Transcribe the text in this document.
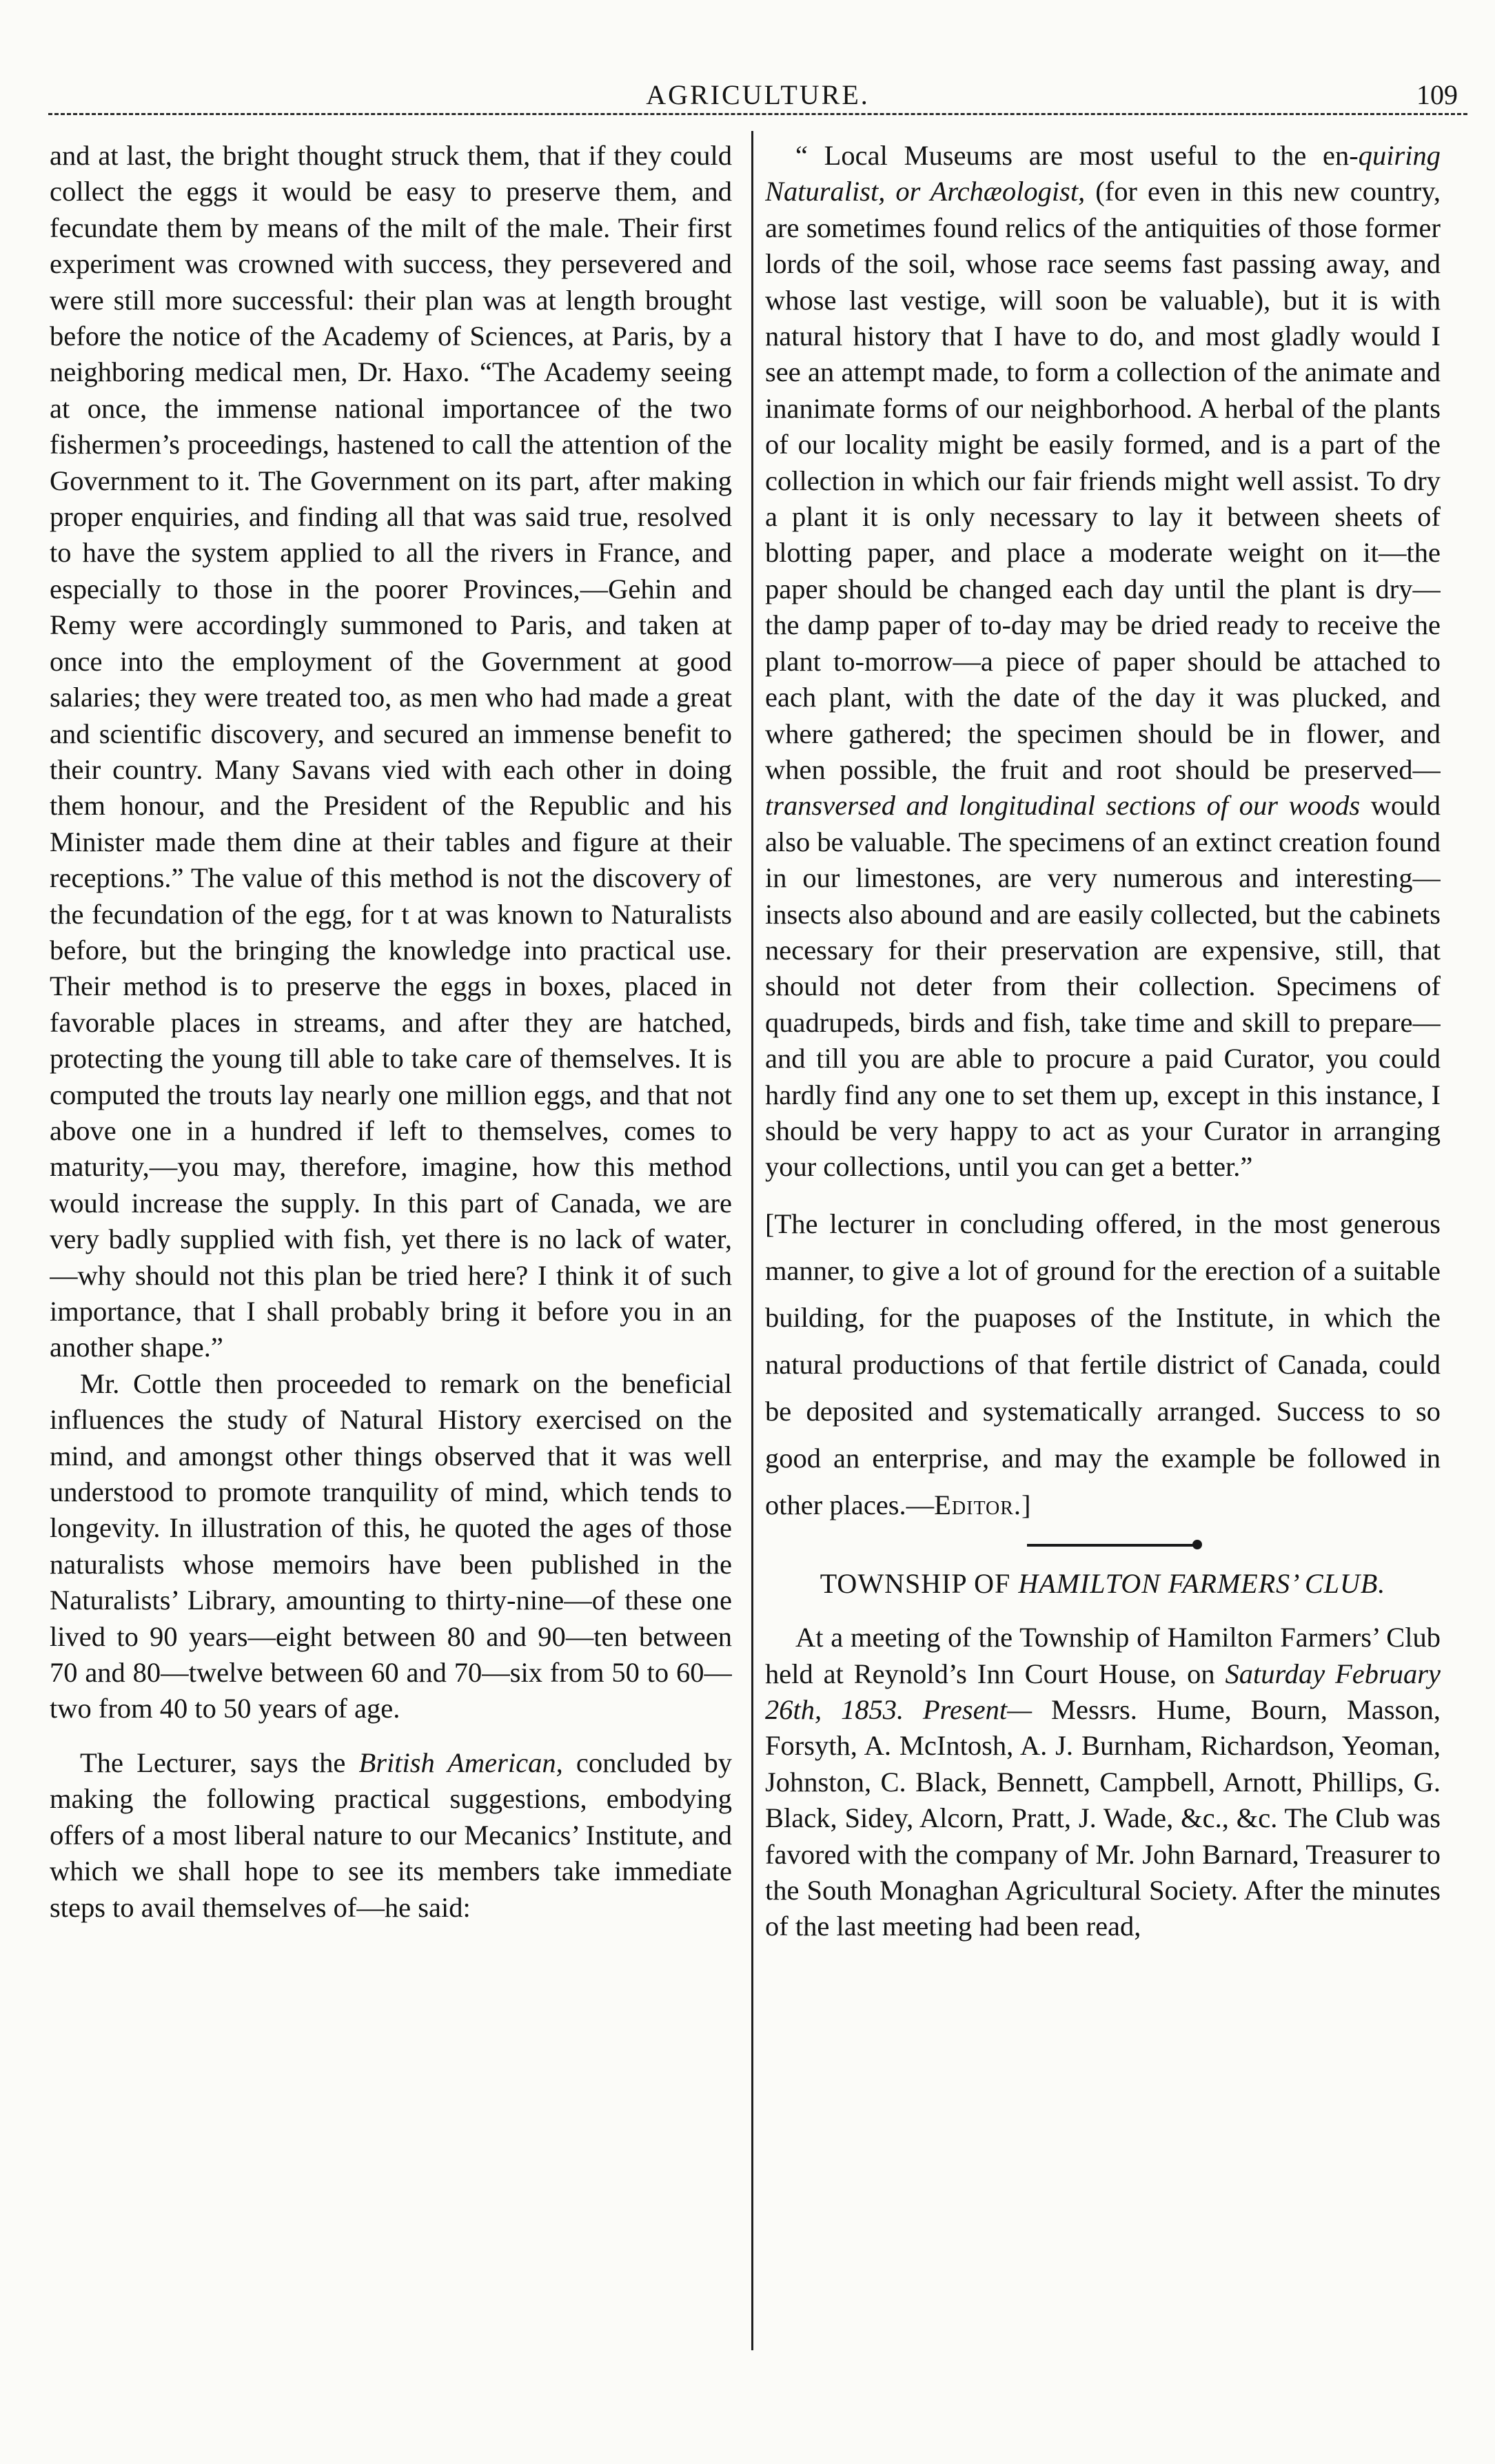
AGRICULTURE.	109

and at last, the bright thought struck them, that if they could collect the eggs it would be easy to preserve them, and fecundate them by means of the milt of the male. Their first experiment was crowned with success, they persevered and were still more successful: their plan was at length brought before the notice of the Academy of Sciences, at Paris, by a neighboring medical men, Dr. Haxo. “The Academy seeing at once, the immense national importancee of the two fishermen’s proceedings, hastened to call the attention of the Government to it. The Government on its part, after making proper enquiries, and finding all that was said true, resolved to have the system applied to all the rivers in France, and especially to those in the poorer Provinces,—Gehin and Remy were accordingly summoned to Paris, and taken at once into the employment of the Government at good salaries; they were treated too, as men who had made a great and scientific discovery, and secured an immense benefit to their country. Many Savans vied with each other in doing them honour, and the President of the Republic and his Minister made them dine at their tables and figure at their receptions.” The value of this method is not the discovery of the fecundation of the egg, for t at was known to Naturalists before, but the bringing the knowledge into practical use. Their method is to preserve the eggs in boxes, placed in favorable places in streams, and after they are hatched, protecting the young till able to take care of themselves. It is computed the trouts lay nearly one million eggs, and that not above one in a hundred if left to themselves, comes to maturity,—you may, therefore, imagine, how this method would increase the supply. In this part of Canada, we are very badly supplied with fish, yet there is no lack of water,—why should not this plan be tried here? I think it of such importance, that I shall probably bring it before you in an another shape.”

Mr. Cottle then proceeded to remark on the beneficial influences the study of Natural History exercised on the mind, and amongst other things observed that it was well understood to promote tranquility of mind, which tends to longevity. In illustration of this, he quoted the ages of those naturalists whose memoirs have been published in the Naturalists’ Library, amounting to thirty-nine—of these one lived to 90 years—eight between 80 and 90—ten between 70 and 80—twelve between 60 and 70—six from 50 to 60—two from 40 to 50 years of age.

The Lecturer, says the British American, concluded by making the following practical suggestions, embodying offers of a most liberal nature to our Mecanics’ Institute, and which we shall hope to see its members take immediate steps to avail themselves of—he said:

“ Local Museums are most useful to the en-quiring Naturalist, or Archæologist, (for even in this new country, are sometimes found relics of the antiquities of those former lords of the soil, whose race seems fast passing away, and whose last vestige, will soon be valuable), but it is with natural history that I have to do, and most gladly would I see an attempt made, to form a collection of the animate and inanimate forms of our neighborhood. A herbal of the plants of our locality might be easily formed, and is a part of the collection in which our fair friends might well assist. To dry a plant it is only necessary to lay it between sheets of blotting paper, and place a moderate weight on it—the paper should be changed each day until the plant is dry—the damp paper of to-day may be dried ready to receive the plant to-morrow—a piece of paper should be attached to each plant, with the date of the day it was plucked, and where gathered; the specimen should be in flower, and when possible, the fruit and root should be preserved—transversed and longitudinal sections of our woods would also be valuable. The specimens of an extinct creation found in our limestones, are very numerous and interesting—insects also abound and are easily collected, but the cabinets necessary for their preservation are expensive, still, that should not deter from their collection. Specimens of quadrupeds, birds and fish, take time and skill to prepare—and till you are able to procure a paid Curator, you could hardly find any one to set them up, except in this instance, I should be very happy to act as your Curator in arranging your collections, until you can get a better.”

[The lecturer in concluding offered, in the most generous manner, to give a lot of ground for the erection of a suitable building, for the puaposes of the Institute, in which the natural productions of that fertile district of Canada, could be deposited and systematically arranged. Success to so good an enterprise, and may the example be followed in other places.—Editor.]

TOWNSHIP OF HAMILTON FARMERS’ CLUB.

At a meeting of the Township of Hamilton Farmers’ Club held at Reynold’s Inn Court House, on Saturday February 26th, 1853. Present— Messrs. Hume, Bourn, Masson, Forsyth, A. McIntosh, A. J. Burnham, Richardson, Yeoman, Johnston, C. Black, Bennett, Campbell, Arnott, Phillips, G. Black, Sidey, Alcorn, Pratt, J. Wade, &c., &c. The Club was favored with the company of Mr. John Barnard, Treasurer to the South Monaghan Agricultural Society. After the minutes of the last meeting had been read,
